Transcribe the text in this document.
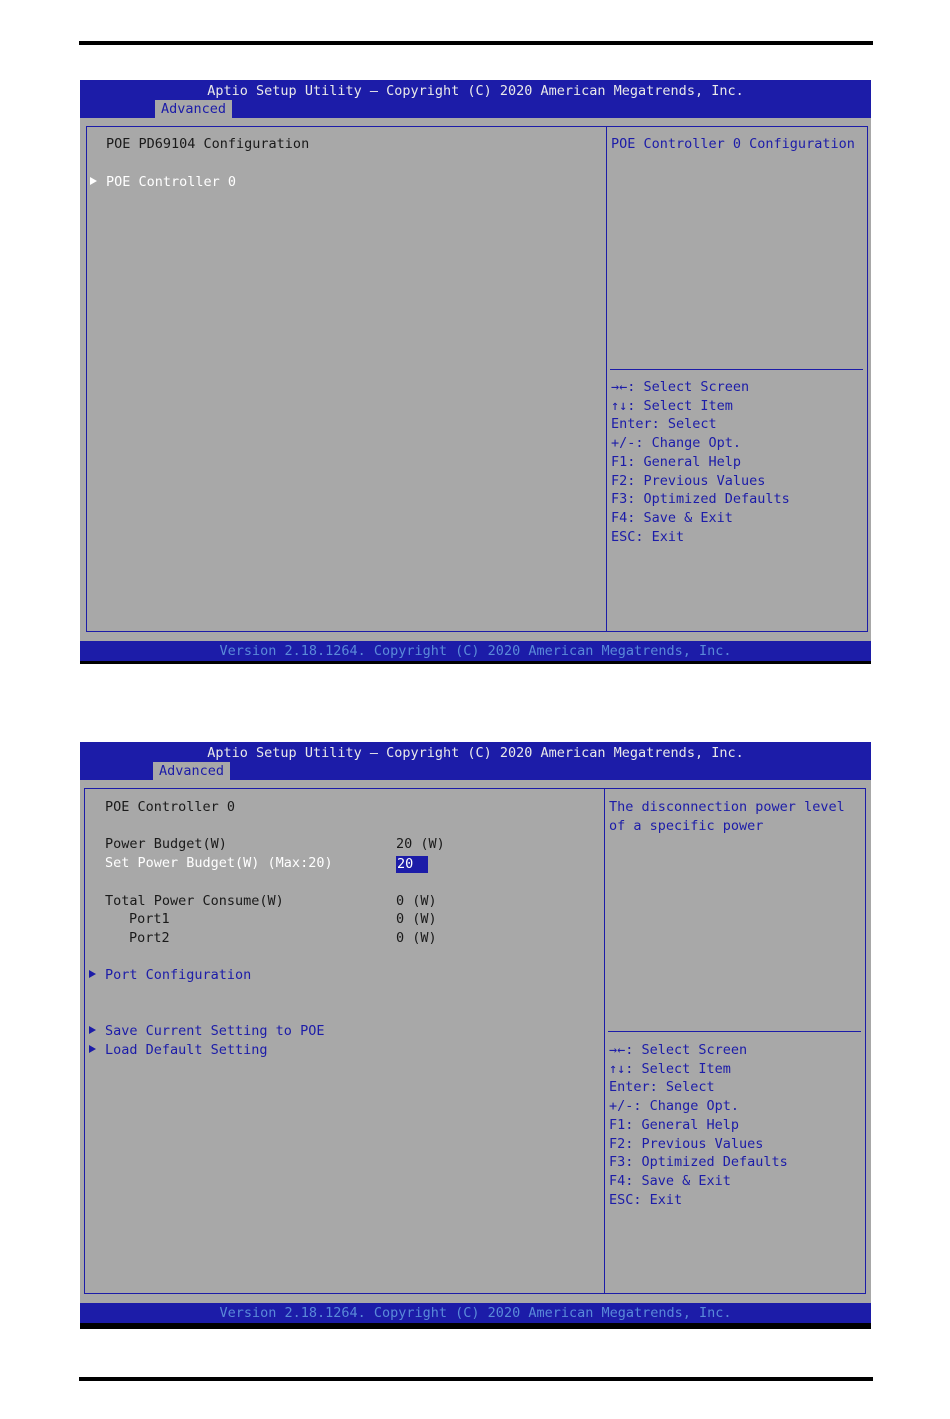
Aptio Setup Utility – Copyright (C) 2020 American Megatrends, Inc.
Advanced
POE PD69104 Configuration
POE Controller 0
POE Controller 0 Configuration
→←: Select Screen
↑↓: Select Item
Enter: Select
+/-: Change Opt.
F1: General Help
F2: Previous Values
F3: Optimized Defaults
F4: Save & Exit
ESC: Exit
Version 2.18.1264. Copyright (C) 2020 American Megatrends, Inc.
Aptio Setup Utility – Copyright (C) 2020 American Megatrends, Inc.
Advanced
POE Controller 0
Power Budget(W)	20 (W)
Set Power Budget(W) (Max:20)	20
Total Power Consume(W)	0 (W)
Port1	0 (W)
Port2	0 (W)
Port Configuration
Save Current Setting to POE
Load Default Setting
The disconnection power level
of a specific power
→←: Select Screen
↑↓: Select Item
Enter: Select
+/-: Change Opt.
F1: General Help
F2: Previous Values
F3: Optimized Defaults
F4: Save & Exit
ESC: Exit
Version 2.18.1264. Copyright (C) 2020 American Megatrends, Inc.
